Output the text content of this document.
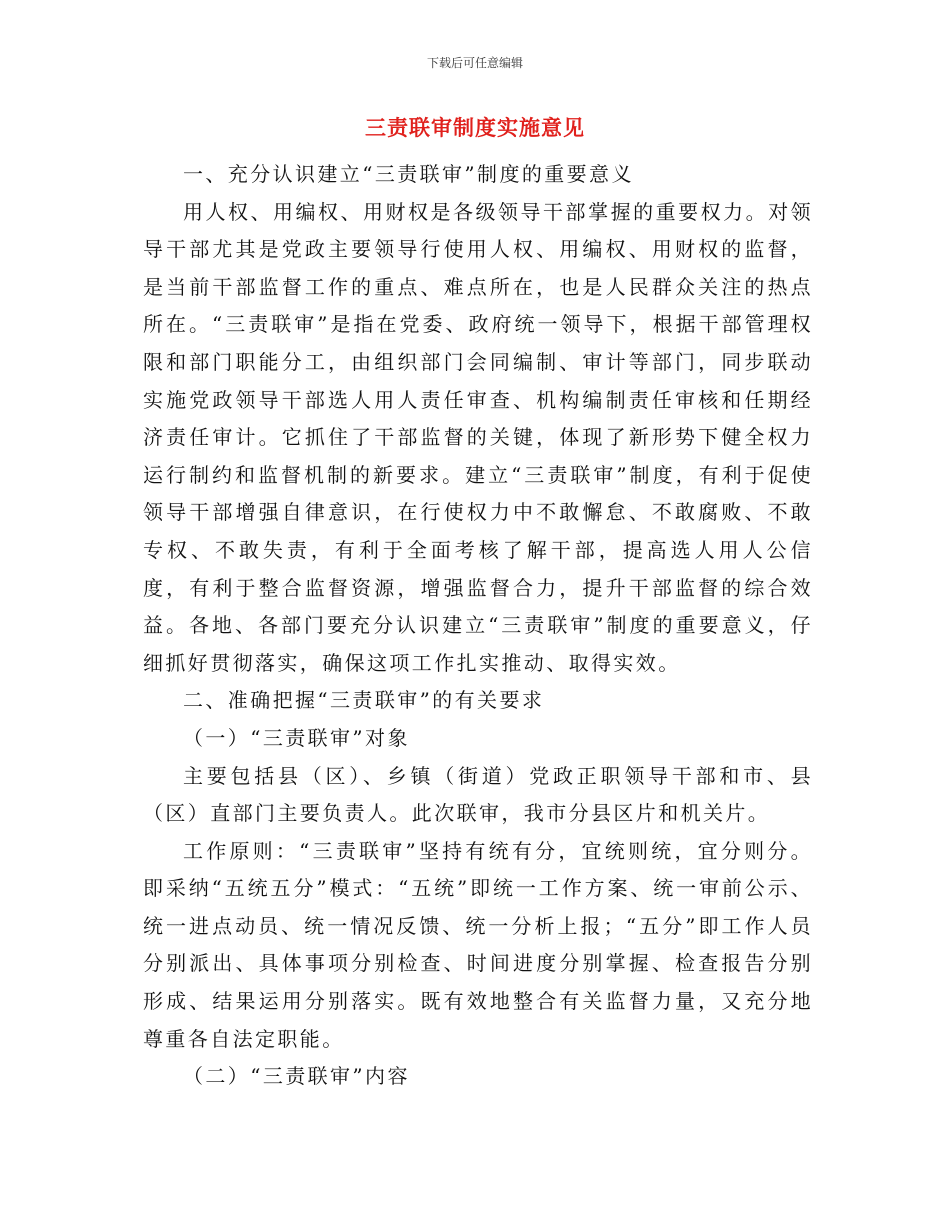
下载后可任意编辑
三责联审制度实施意见

一、充分认识建立“三责联审”制度的重要意义

用人权、用编权、用财权是各级领导干部掌握的重要权力。对领导干部尤其是党政主要领导行使用人权、用编权、用财权的监督，是当前干部监督工作的重点、难点所在，也是人民群众关注的热点所在。“三责联审”是指在党委、政府统一领导下，根据干部管理权限和部门职能分工，由组织部门会同编制、审计等部门，同步联动实施党政领导干部选人用人责任审查、机构编制责任审核和任期经济责任审计。它抓住了干部监督的关键，体现了新形势下健全权力运行制约和监督机制的新要求。建立“三责联审”制度，有利于促使领导干部增强自律意识，在行使权力中不敢懈怠、不敢腐败、不敢专权、不敢失责，有利于全面考核了解干部，提高选人用人公信度，有利于整合监督资源，增强监督合力，提升干部监督的综合效益。各地、各部门要充分认识建立“三责联审”制度的重要意义，仔细抓好贯彻落实，确保这项工作扎实推动、取得实效。

二、准确把握“三责联审”的有关要求

（一）“三责联审”对象

主要包括县（区）、乡镇（街道）党政正职领导干部和市、县（区）直部门主要负责人。此次联审，我市分县区片和机关片。

工作原则：“三责联审”坚持有统有分，宜统则统，宜分则分。即采纳“五统五分”模式：“五统”即统一工作方案、统一审前公示、统一进点动员、统一情况反馈、统一分析上报；“五分”即工作人员分别派出、具体事项分别检查、时间进度分别掌握、检查报告分别形成、结果运用分别落实。既有效地整合有关监督力量，又充分地尊重各自法定职能。

（二）“三责联审”内容
